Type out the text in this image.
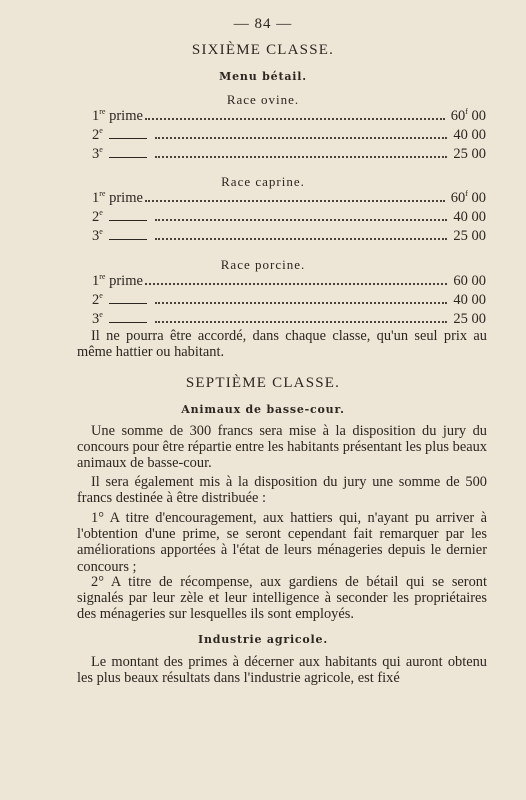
— 84 —
SIXIÈME CLASSE.
Menu bétail.
Race ovine.
1re prime	60$^f$ 00
2e	40 00
3e	25 00
Race caprine.
1re prime	60$^f$ 00
2e	40 00
3e	25 00
Race porcine.
1re prime	60 00
2e	40 00
3e	25 00

Il ne pourra être accordé, dans chaque classe, qu'un seul prix au même hattier ou habitant.

SEPTIÈME CLASSE.
Animaux de basse-cour.

Une somme de 300 francs sera mise à la disposition du jury du concours pour être répartie entre les habitants présentant les plus beaux animaux de basse-cour.

Il sera également mis à la disposition du jury une somme de 500 francs destinée à être distribuée :

1° A titre d'encouragement, aux hattiers qui, n'ayant pu arriver à l'obtention d'une prime, se seront cependant fait remarquer par les améliorations apportées à l'état de leurs ménageries depuis le dernier concours ;

2° A titre de récompense, aux gardiens de bétail qui se seront signalés par leur zèle et leur intelligence à seconder les propriétaires des ménageries sur lesquelles ils sont employés.

Industrie agricole.

Le montant des primes à décerner aux habitants qui auront obtenu les plus beaux résultats dans l'industrie agricole, est fixé
